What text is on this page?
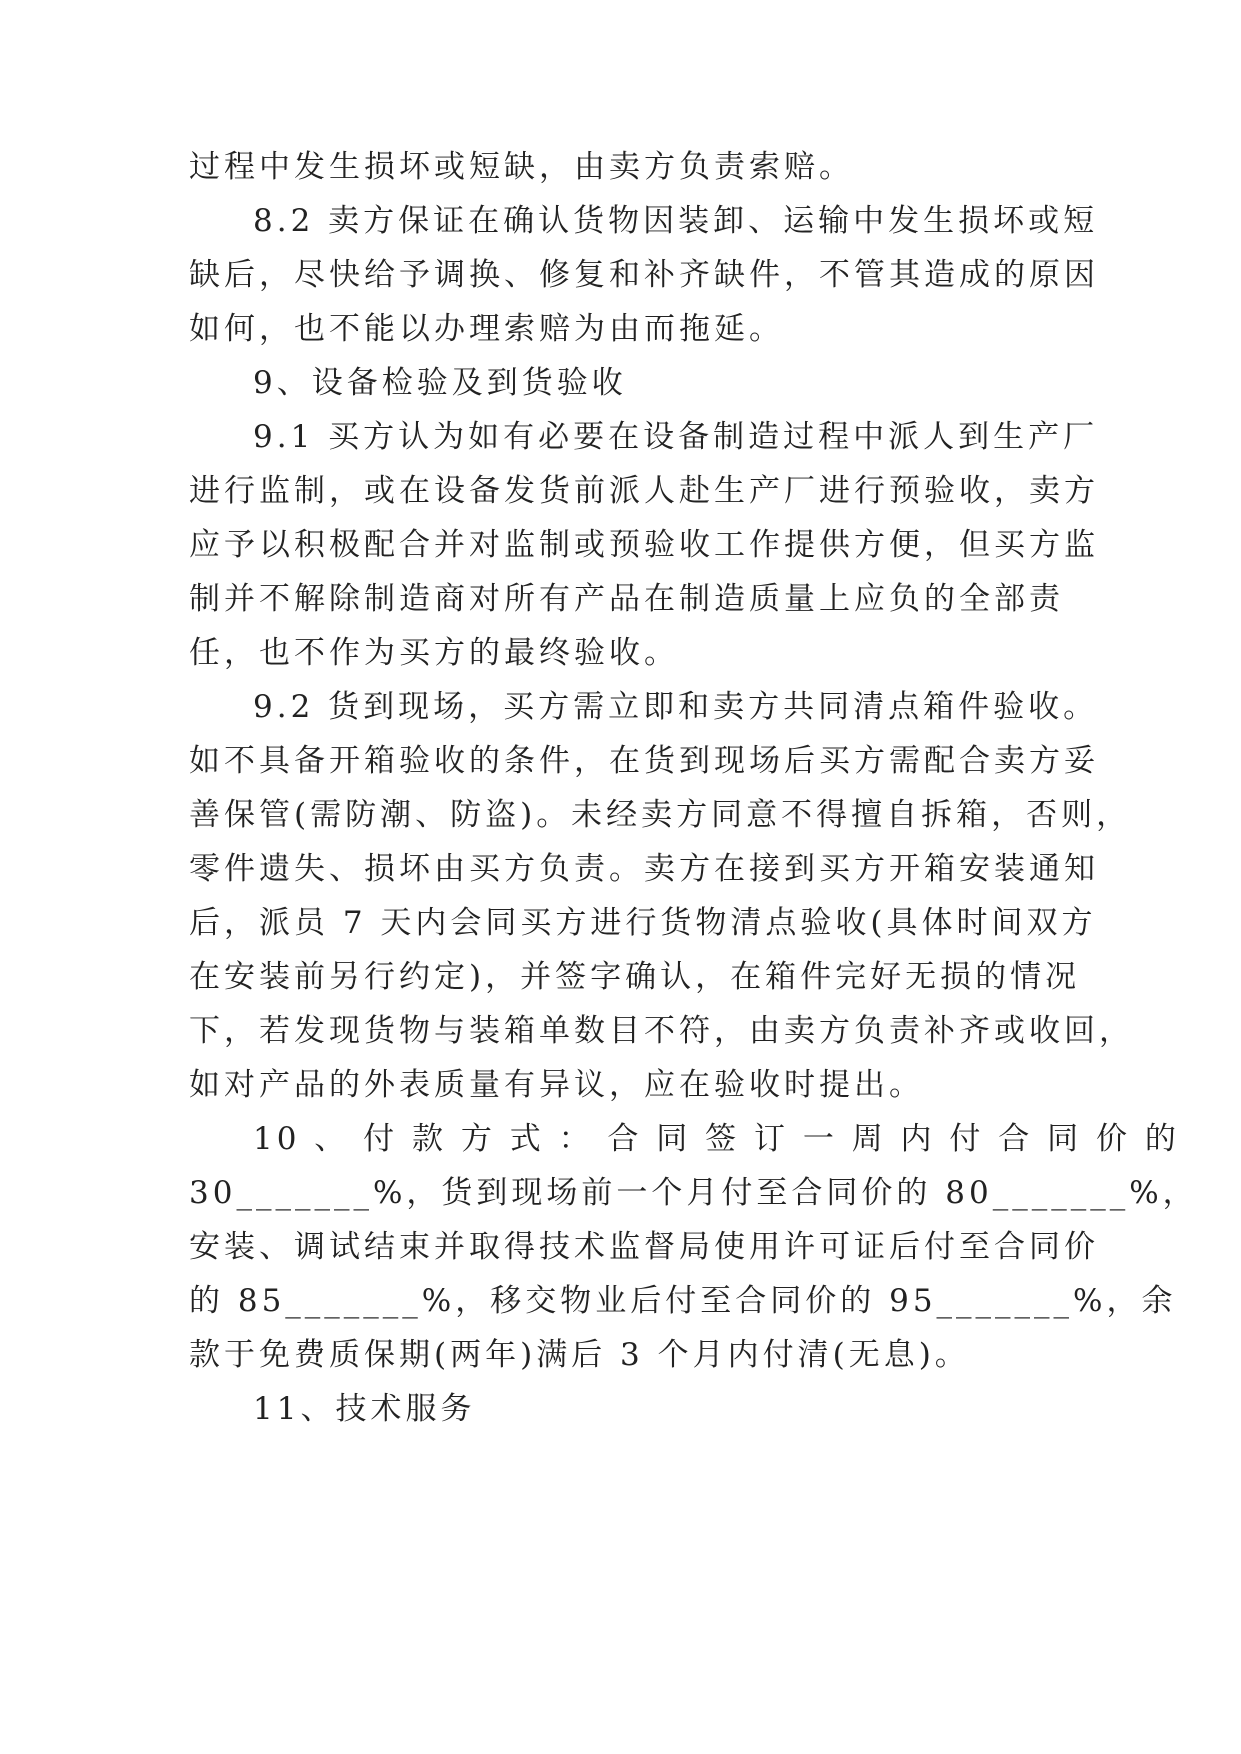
过程中发生损坏或短缺，由卖方负责索赔。
8.2 卖方保证在确认货物因装卸、运输中发生损坏或短
缺后，尽快给予调换、修复和补齐缺件，不管其造成的原因
如何，也不能以办理索赔为由而拖延。
9、设备检验及到货验收
9.1 买方认为如有必要在设备制造过程中派人到生产厂
进行监制，或在设备发货前派人赴生产厂进行预验收，卖方
应予以积极配合并对监制或预验收工作提供方便，但买方监
制并不解除制造商对所有产品在制造质量上应负的全部责
任，也不作为买方的最终验收。
9.2 货到现场，买方需立即和卖方共同清点箱件验收。
如不具备开箱验收的条件，在货到现场后买方需配合卖方妥
善保管(需防潮、防盗)。未经卖方同意不得擅自拆箱，否则，
零件遗失、损坏由买方负责。卖方在接到买方开箱安装通知
后，派员 7 天内会同买方进行货物清点验收(具体时间双方
在安装前另行约定)，并签字确认，在箱件完好无损的情况
下，若发现货物与装箱单数目不符，由卖方负责补齐或收回，
如对产品的外表质量有异议，应在验收时提出。
10 、 付 款 方 式 ： 合 同 签 订 一 周 内 付 合 同 价 的
30_______%，货到现场前一个月付至合同价的 80_______%，
安装、调试结束并取得技术监督局使用许可证后付至合同价
的 85_______%，移交物业后付至合同价的 95_______%，余
款于免费质保期(两年)满后 3 个月内付清(无息)。
11、技术服务
